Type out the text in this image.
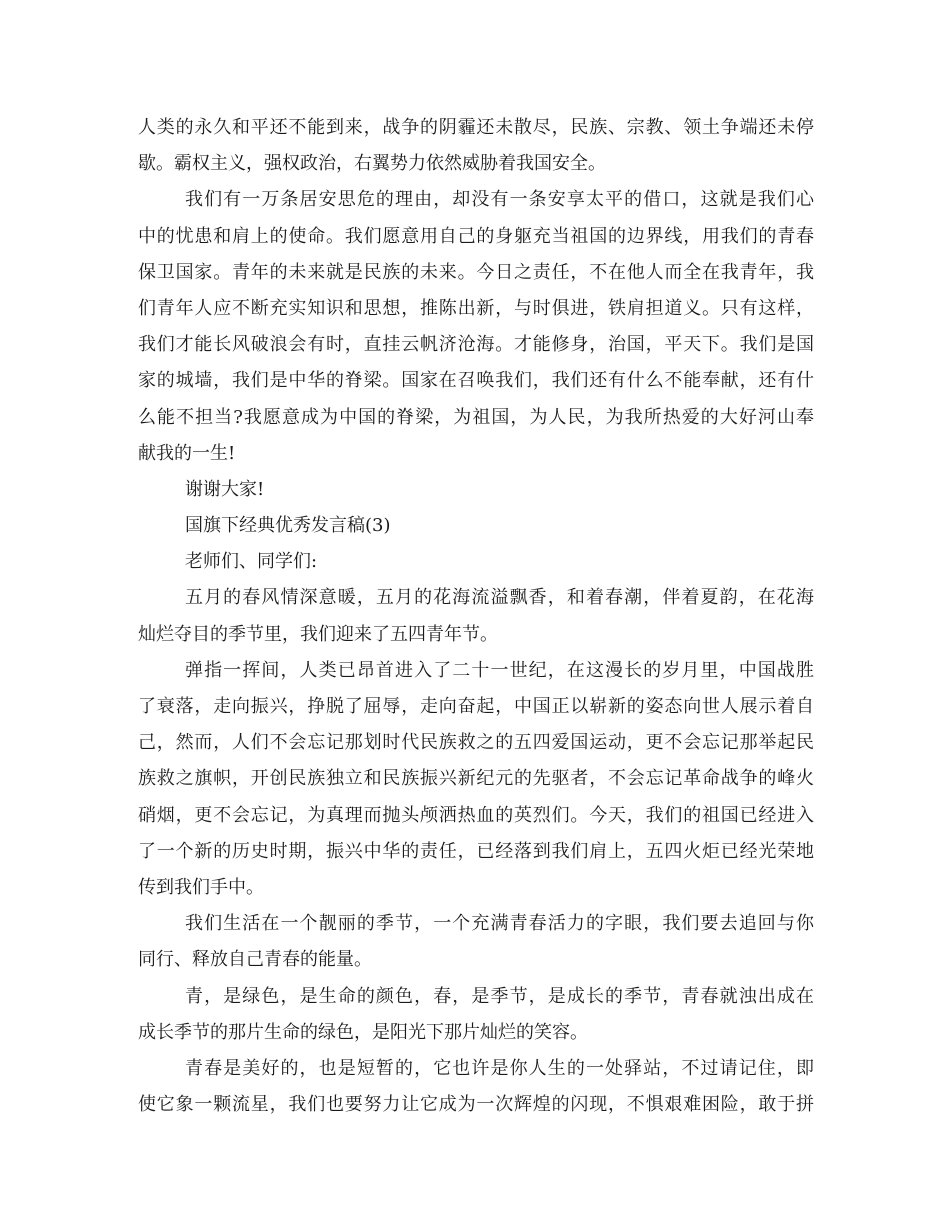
人类的永久和平还不能到来，战争的阴霾还未散尽，民族、宗教、领土争端还未停
歇。霸权主义，强权政治，右翼势力依然威胁着我国安全。
我们有一万条居安思危的理由，却没有一条安享太平的借口，这就是我们心
中的忧患和肩上的使命。我们愿意用自己的身躯充当祖国的边界线，用我们的青春
保卫国家。青年的未来就是民族的未来。今日之责任，不在他人而全在我青年，我
们青年人应不断充实知识和思想，推陈出新，与时俱进，铁肩担道义。只有这样，
我们才能长风破浪会有时，直挂云帆济沧海。才能修身，治国，平天下。我们是国
家的城墙，我们是中华的脊梁。国家在召唤我们，我们还有什么不能奉献，还有什
么能不担当?我愿意成为中国的脊梁，为祖国，为人民，为我所热爱的大好河山奉
献我的一生!
谢谢大家!
国旗下经典优秀发言稿(3)
老师们、同学们:
五月的春风情深意暖，五月的花海流溢飘香，和着春潮，伴着夏韵，在花海
灿烂夺目的季节里，我们迎来了五四青年节。
弹指一挥间，人类已昂首进入了二十一世纪，在这漫长的岁月里，中国战胜
了衰落，走向振兴，挣脱了屈辱，走向奋起，中国正以崭新的姿态向世人展示着自
己，然而，人们不会忘记那划时代民族救之的五四爱国运动，更不会忘记那举起民
族救之旗帜，开创民族独立和民族振兴新纪元的先驱者，不会忘记革命战争的峰火
硝烟，更不会忘记，为真理而抛头颅洒热血的英烈们。今天，我们的祖国已经进入
了一个新的历史时期，振兴中华的责任，已经落到我们肩上，五四火炬已经光荣地
传到我们手中。
我们生活在一个靓丽的季节，一个充满青春活力的字眼，我们要去追回与你
同行、释放自己青春的能量。
青，是绿色，是生命的颜色，春，是季节，是成长的季节，青春就浊出成在
成长季节的那片生命的绿色，是阳光下那片灿烂的笑容。
青春是美好的，也是短暂的，它也许是你人生的一处驿站，不过请记住，即
使它象一颗流星，我们也要努力让它成为一次辉煌的闪现，不惧艰难困险，敢于拼
